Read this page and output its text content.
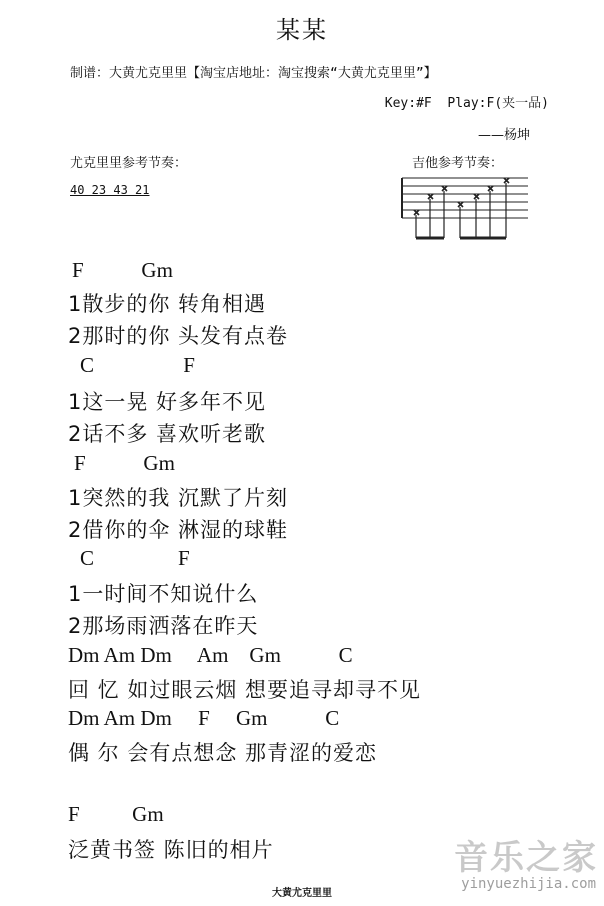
某某
制谱：大黄尤克里里【淘宝店地址：淘宝搜索“大黄尤克里里”】
Key:#F  Play:F(夹一品)
——杨坤
尤克里里参考节奏：
40 23 43 21
吉他参考节奏：
F           Gm
1散步的你 转角相遇
2那时的你 头发有点卷
C                 F
1这一晃 好多年不见
2话不多 喜欢听老歌
F           Gm
1突然的我 沉默了片刻
2借你的伞 淋湿的球鞋
C                F
1一时间不知说什么
2那场雨洒落在昨天
Dm Am Dm     Am    Gm           C
回 忆 如过眼云烟 想要追寻却寻不见
Dm Am Dm     F     Gm           C
偶 尔 会有点想念 那青涩的爱恋
F          Gm
泛黄书签 陈旧的相片	音乐之家
yinyuezhijia.com
大黄尤克里里
